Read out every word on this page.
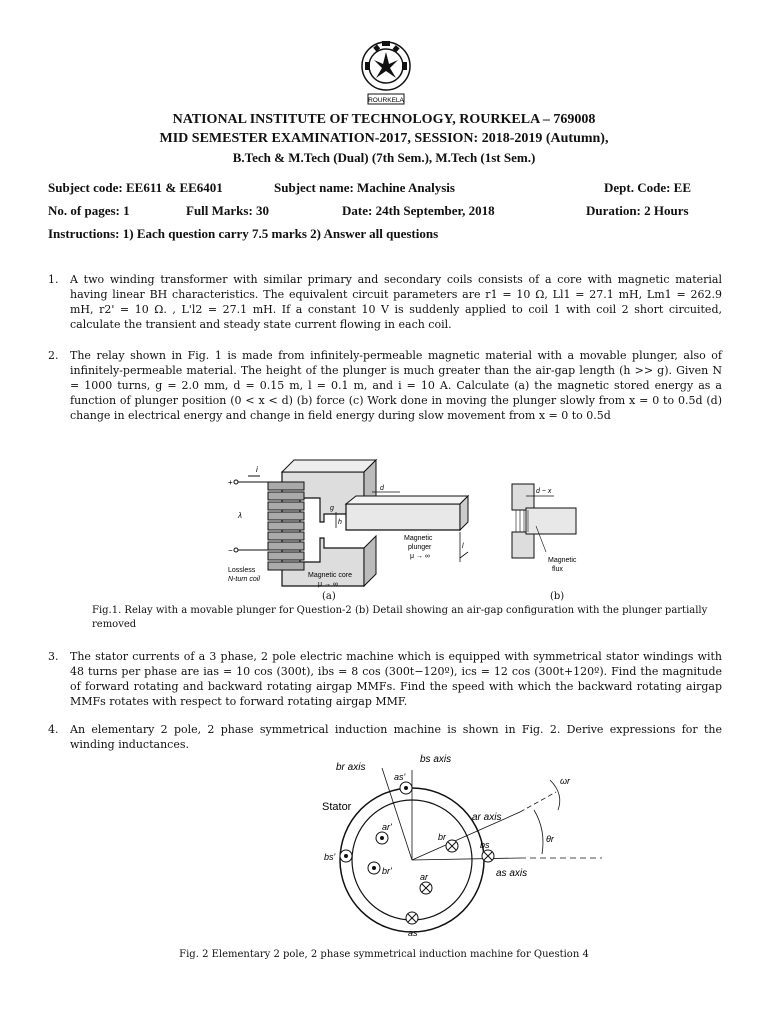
ROURKELA
NATIONAL INSTITUTE OF TECHNOLOGY, ROURKELA – 769008
MID SEMESTER EXAMINATION-2017, SESSION: 2018-2019 (Autumn),
B.Tech & M.Tech (Dual) (7th Sem.), M.Tech (1st Sem.)
Subject code: EE611 & EE6401	Subject name: Machine Analysis	Dept. Code: EE
No. of pages: 1	Full Marks: 30	Date: 24th September, 2018	Duration: 2 Hours
Instructions: 1) Each question carry 7.5 marks 2) Answer all questions
1. A two winding transformer with similar primary and secondary coils consists of a core with magnetic material having linear BH characteristics. The equivalent circuit parameters are r1 = 10 Ω, Ll1 = 27.1 mH, Lm1 = 262.9 mH, r2' = 10 Ω. , L'l2 = 27.1 mH. If a constant 10 V is suddenly applied to coil 1 with coil 2 short circuited, calculate the transient and steady state current flowing in each coil.
2. The relay shown in Fig. 1 is made from infinitely-permeable magnetic material with a movable plunger, also of infinitely-permeable material. The height of the plunger is much greater than the air-gap length (h >> g). Given N = 1000 turns, g = 2.0 mm, d = 0.15 m, l = 0.1 m, and i = 10 A. Calculate (a) the magnetic stored energy as a function of plunger position (0 < x < d) (b) force (c) Work done in moving the plunger slowly from x = 0 to 0.5d (d) change in electrical energy and change in field energy during slow movement from x = 0 to 0.5d
i
+
−
λ
Lossless
N-turn coil
Magnetic core
μ → ∞
Magnetic
plunger
μ → ∞
d
g
h
l
d − x
Magnetic
flux
(a)	(b)
Fig.1. Relay with a movable plunger for Question-2 (b) Detail showing an air-gap configuration with the plunger partially removed
3. The stator currents of a 3 phase, 2 pole electric machine which is equipped with symmetrical stator windings with 48 turns per phase are ias = 10 cos (300t), ibs = 8 cos (300t−120º), ics = 12 cos (300t+120º). Find the magnitude of forward rotating and backward rotating airgap MMFs. Find the speed with which the backward rotating airgap MMFs rotates with respect to forward rotating airgap MMF.
4. An elementary 2 pole, 2 phase symmetrical induction machine is shown in Fig. 2. Derive expressions for the winding inductances.
br axis
bs axis
Stator
ar axis
as axis
as'
ar'
br
bs
bs'
br'
ar
as
ωr
θr
Fig. 2 Elementary 2 pole, 2 phase symmetrical induction machine for Question 4
